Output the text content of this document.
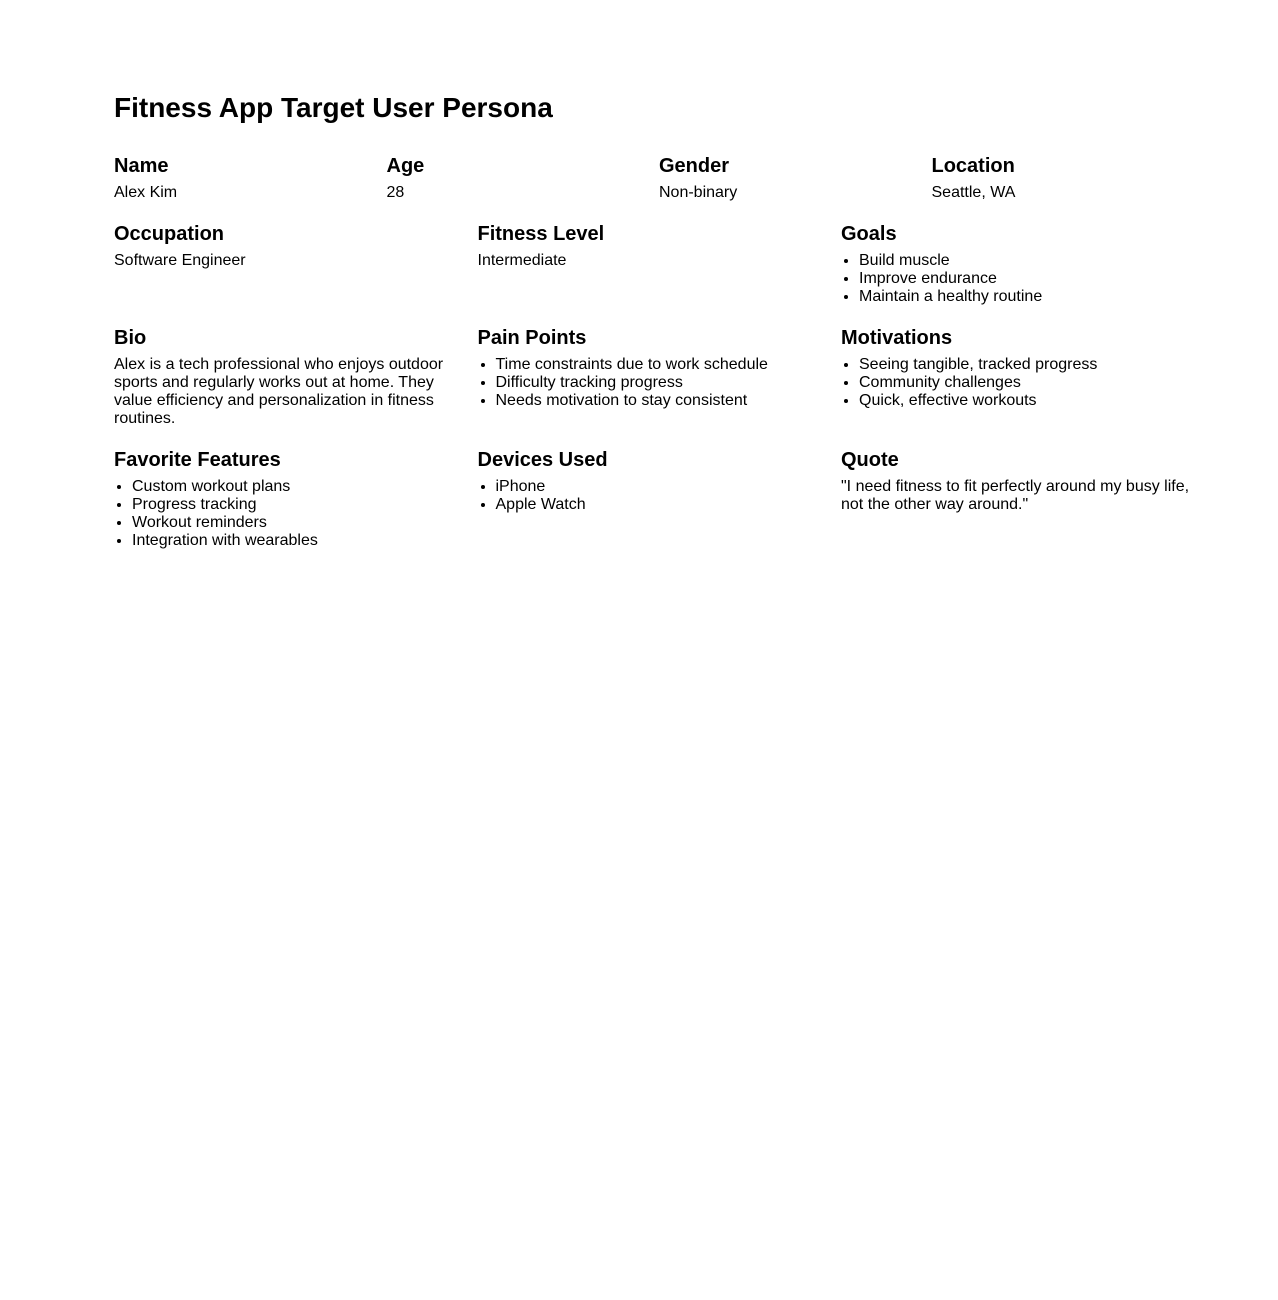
Fitness App Target User Persona
Name

Alex Kim

Age

28

Gender

Non-binary

Location

Seattle, WA

Occupation

Software Engineer

Fitness Level

Intermediate

Goals
• Build muscle
• Improve endurance
• Maintain a healthy routine
Bio

Alex is a tech professional who enjoys outdoor sports and regularly works out at home. They value efficiency and personalization in fitness routines.

Pain Points
• Time constraints due to work schedule
• Difficulty tracking progress
• Needs motivation to stay consistent
Motivations
• Seeing tangible, tracked progress
• Community challenges
• Quick, effective workouts
Favorite Features
• Custom workout plans
• Progress tracking
• Workout reminders
• Integration with wearables
Devices Used
• iPhone
• Apple Watch
Quote

"I need fitness to fit perfectly around my busy life, not the other way around."
